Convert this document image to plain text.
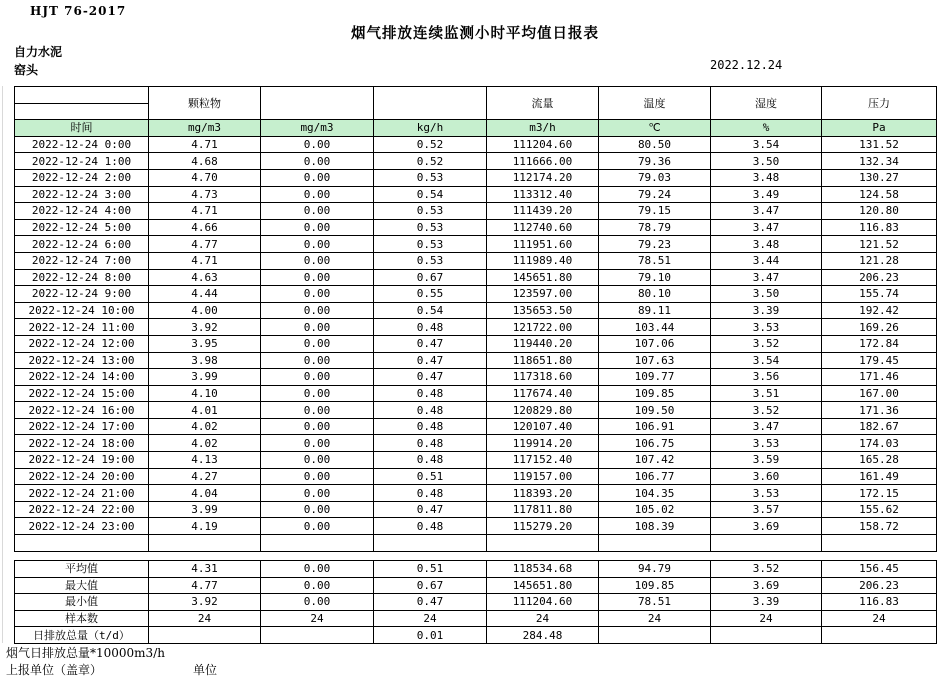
HJT 76-2017
烟气排放连续监测小时平均值日报表
自力水泥
窑头	2022.12.24
	颗粒物			流量	温度	湿度	压力

时间	mg/m3	mg/m3	kg/h	m3/h	℃	%	Pa
2022-12-24 0:00	4.71	0.00	0.52	111204.60	80.50	3.54	131.52
2022-12-24 1:00	4.68	0.00	0.52	111666.00	79.36	3.50	132.34
2022-12-24 2:00	4.70	0.00	0.53	112174.20	79.03	3.48	130.27
2022-12-24 3:00	4.73	0.00	0.54	113312.40	79.24	3.49	124.58
2022-12-24 4:00	4.71	0.00	0.53	111439.20	79.15	3.47	120.80
2022-12-24 5:00	4.66	0.00	0.53	112740.60	78.79	3.47	116.83
2022-12-24 6:00	4.77	0.00	0.53	111951.60	79.23	3.48	121.52
2022-12-24 7:00	4.71	0.00	0.53	111989.40	78.51	3.44	121.28
2022-12-24 8:00	4.63	0.00	0.67	145651.80	79.10	3.47	206.23
2022-12-24 9:00	4.44	0.00	0.55	123597.00	80.10	3.50	155.74
2022-12-24 10:00	4.00	0.00	0.54	135653.50	89.11	3.39	192.42
2022-12-24 11:00	3.92	0.00	0.48	121722.00	103.44	3.53	169.26
2022-12-24 12:00	3.95	0.00	0.47	119440.20	107.06	3.52	172.84
2022-12-24 13:00	3.98	0.00	0.47	118651.80	107.63	3.54	179.45
2022-12-24 14:00	3.99	0.00	0.47	117318.60	109.77	3.56	171.46
2022-12-24 15:00	4.10	0.00	0.48	117674.40	109.85	3.51	167.00
2022-12-24 16:00	4.01	0.00	0.48	120829.80	109.50	3.52	171.36
2022-12-24 17:00	4.02	0.00	0.48	120107.40	106.91	3.47	182.67
2022-12-24 18:00	4.02	0.00	0.48	119914.20	106.75	3.53	174.03
2022-12-24 19:00	4.13	0.00	0.48	117152.40	107.42	3.59	165.28
2022-12-24 20:00	4.27	0.00	0.51	119157.00	106.77	3.60	161.49
2022-12-24 21:00	4.04	0.00	0.48	118393.20	104.35	3.53	172.15
2022-12-24 22:00	3.99	0.00	0.47	117811.80	105.02	3.57	155.62
2022-12-24 23:00	4.19	0.00	0.48	115279.20	108.39	3.69	158.72

平均值	4.31	0.00	0.51	118534.68	94.79	3.52	156.45
最大值	4.77	0.00	0.67	145651.80	109.85	3.69	206.23
最小值	3.92	0.00	0.47	111204.60	78.51	3.39	116.83
样本数	24	24	24	24	24	24	24
日排放总量（t/d）			0.01	284.48			
烟气日排放总量*10000m3/h
上报单位（盖章）	单位
